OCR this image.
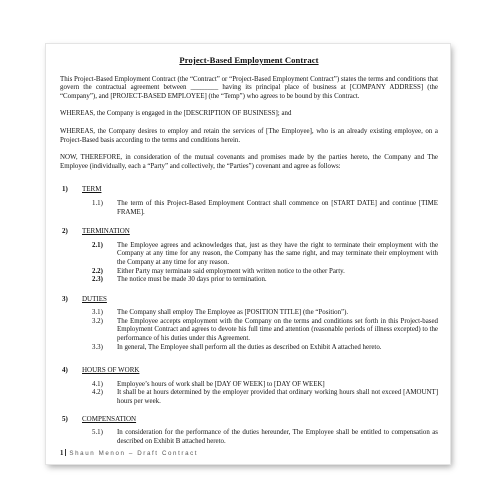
Project-Based Employment Contract

This Project-Based Employment Contract (the “Contract” or “Project-Based Employment Contract”) states the terms and conditions that govern the contractual agreement between ________ having its principal place of business at [COMPANY ADDRESS] (the “Company”), and [PROJECT-BASED EMPLOYEE] (the “Temp”) who agrees to be bound by this Contract.

WHEREAS, the Company is engaged in the [DESCRIPTION OF BUSINESS]; and

WHEREAS, the Company desires to employ and retain the services of [The Employee], who is an already existing employee, on a Project-Based basis according to the terms and conditions herein.

NOW, THEREFORE, in consideration of the mutual covenants and promises made by the parties hereto, the Company and The Employee (individually, each a “Party” and collectively, the “Parties”) covenant and agree as follows:

1)	TERM
1.1)	The term of this Project-Based Employment Contract shall commence on [START DATE] and continue [TIME FRAME].
2)	TERMINATION
2.1)	The Employee agrees and acknowledges that, just as they have the right to terminate their employment with the Company at any time for any reason, the Company has the same right, and may terminate their employment with the Company at any time for any reason.
2.2)	Either Party may terminate said employment with written notice to the other Party.
2.3)	The notice must be made 30 days prior to termination.
3)	DUTIES
3.1)	The Company shall employ The Employee as [POSITION TITLE] (the “Position”).
3.2)	The Employee accepts employment with the Company on the terms and conditions set forth in this Project-based Employment Contract and agrees to devote his full time and attention (reasonable periods of illness excepted) to the performance of his duties under this Agreement.
3.3)	In general, The Employee shall perform all the duties as described on Exhibit A attached hereto.
4)	HOURS OF WORK
4.1)	Employee’s hours of work shall be [DAY OF WEEK] to [DAY OF WEEK]
4.2)	It shall be at hours determined by the employer provided that ordinary working hours shall not exceed [AMOUNT] hours per week.
5)	COMPENSATION
5.1)	In consideration for the performance of the duties hereunder, The Employee shall be entitled to compensation as described on Exhibit B attached hereto.
1 Shaun Menon – Draft Contract
